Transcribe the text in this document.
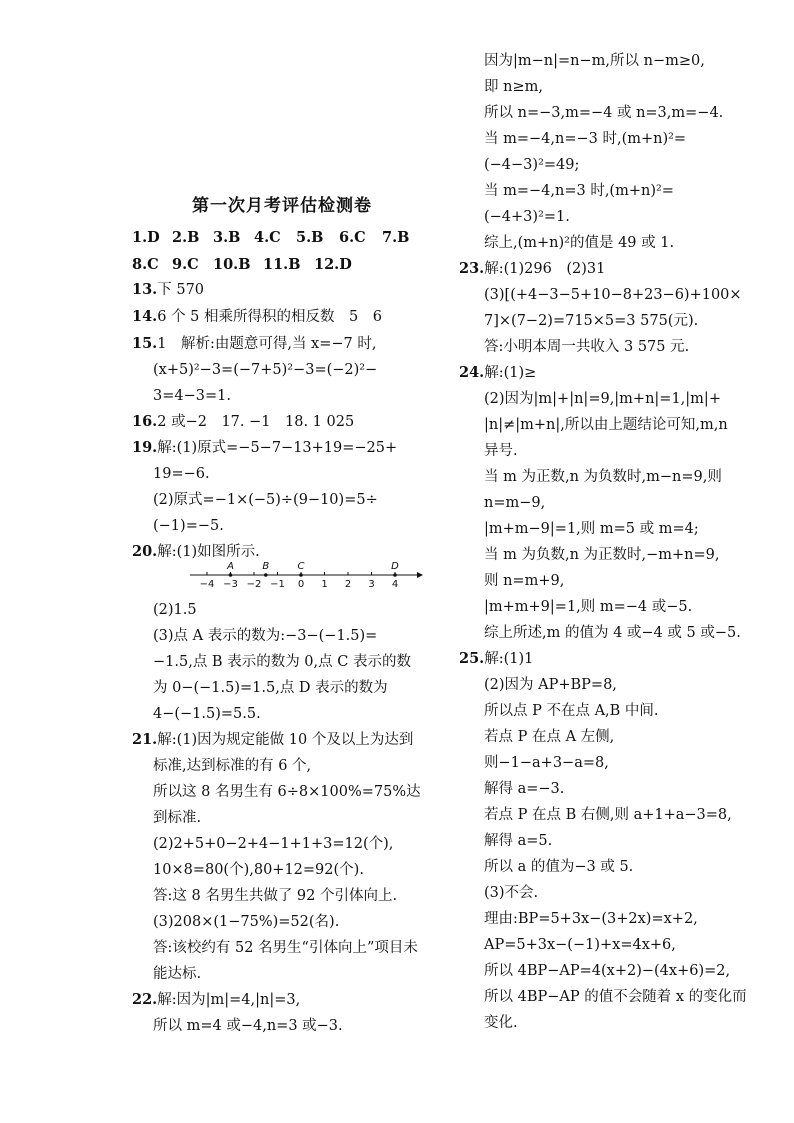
第一次月考评估检测卷
1.D 2.B 3.B 4.C 5.B 6.C 7.B
8.C 9.C 10.B 11.B 12.D
13.下 570
14.6 个 5 相乘所得积的相反数　5　6
15.1　解析:由题意可得,当 x=−7 时,
(x+5)²−3=(−7+5)²−3=(−2)²−
3=4−3=1.
16.2 或−2　17. −1　18. 1 025
19.解:(1)原式=−5−7−13+19=−25+
19=−6.
(2)原式=−1×(−5)÷(9−10)=5÷
(−1)=−5.
20.解:(1)如图所示.
−4 −3 −2 −1 0 1 2 3 4
A	B	C	D
(2)1.5
(3)点 A 表示的数为:−3−(−1.5)=
−1.5,点 B 表示的数为 0,点 C 表示的数
为 0−(−1.5)=1.5,点 D 表示的数为
4−(−1.5)=5.5.
21.解:(1)因为规定能做 10 个及以上为达到
标准,达到标准的有 6 个,
所以这 8 名男生有 6÷8×100%=75%达
到标准.
(2)2+5+0−2+4−1+1+3=12(个),
10×8=80(个),80+12=92(个).
答:这 8 名男生共做了 92 个引体向上.
(3)208×(1−75%)=52(名).
答:该校约有 52 名男生“引体向上”项目未
能达标.
22.解:因为|m|=4,|n|=3,
所以 m=4 或−4,n=3 或−3.
因为|m−n|=n−m,所以 n−m≥0,
即 n≥m,
所以 n=−3,m=−4 或 n=3,m=−4.
当 m=−4,n=−3 时,(m+n)²=
(−4−3)²=49;
当 m=−4,n=3 时,(m+n)²=
(−4+3)²=1.
综上,(m+n)²的值是 49 或 1.
23.解:(1)296　(2)31
(3)[(+4−3−5+10−8+23−6)+100×
7]×(7−2)=715×5=3 575(元).
答:小明本周一共收入 3 575 元.
24.解:(1)≥
(2)因为|m|+|n|=9,|m+n|=1,|m|+
|n|≠|m+n|,所以由上题结论可知,m,n
异号.
当 m 为正数,n 为负数时,m−n=9,则
n=m−9,
|m+m−9|=1,则 m=5 或 m=4;
当 m 为负数,n 为正数时,−m+n=9,
则 n=m+9,
|m+m+9|=1,则 m=−4 或−5.
综上所述,m 的值为 4 或−4 或 5 或−5.
25.解:(1)1
(2)因为 AP+BP=8,
所以点 P 不在点 A,B 中间.
若点 P 在点 A 左侧,
则−1−a+3−a=8,
解得 a=−3.
若点 P 在点 B 右侧,则 a+1+a−3=8,
解得 a=5.
所以 a 的值为−3 或 5.
(3)不会.
理由:BP=5+3x−(3+2x)=x+2,
AP=5+3x−(−1)+x=4x+6,
所以 4BP−AP=4(x+2)−(4x+6)=2,
所以 4BP−AP 的值不会随着 x 的变化而
变化.
